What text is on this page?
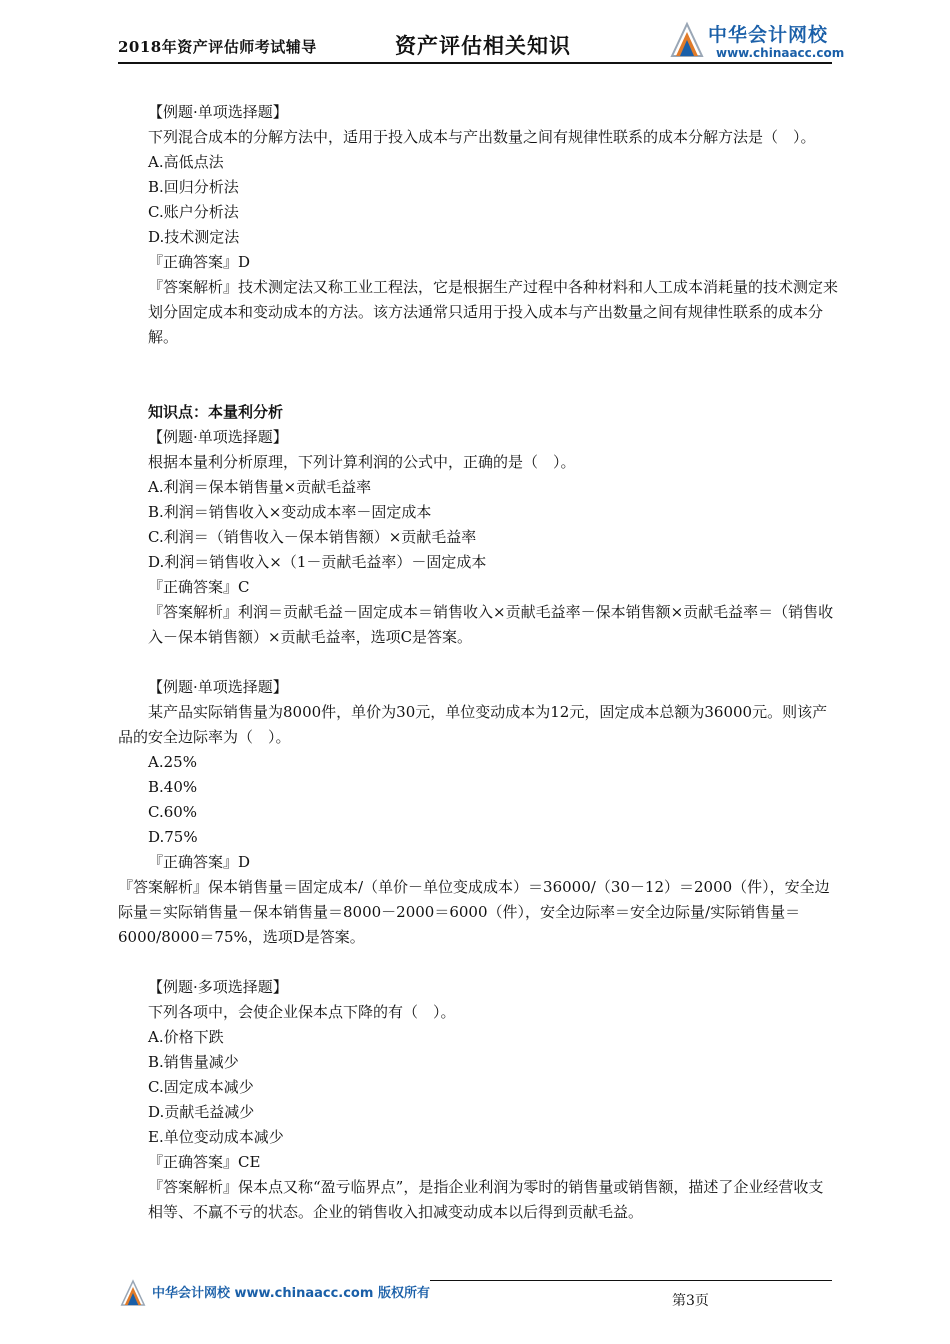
2018年资产评估师考试辅导	资产评估相关知识	中华会计网校
www.chinaacc.com

【例题·单项选择题】

下列混合成本的分解方法中，适用于投入成本与产出数量之间有规律性联系的成本分解方法是（　）。

A.高低点法

B.回归分析法

C.账户分析法

D.技术测定法

『正确答案』D

『答案解析』技术测定法又称工业工程法，它是根据生产过程中各种材料和人工成本消耗量的技术测定来划分固定成本和变动成本的方法。该方法通常只适用于投入成本与产出数量之间有规律性联系的成本分解。

知识点：本量利分析

【例题·单项选择题】

根据本量利分析原理，下列计算利润的公式中，正确的是（　）。

A.利润＝保本销售量×贡献毛益率

B.利润＝销售收入×变动成本率－固定成本

C.利润＝（销售收入－保本销售额）×贡献毛益率

D.利润＝销售收入×（1－贡献毛益率）－固定成本

『正确答案』C

『答案解析』利润＝贡献毛益－固定成本＝销售收入×贡献毛益率－保本销售额×贡献毛益率＝（销售收入－保本销售额）×贡献毛益率，选项C是答案。

【例题·单项选择题】

某产品实际销售量为8000件，单价为30元，单位变动成本为12元，固定成本总额为36000元。则该产品的安全边际率为（　）。

A.25%

B.40%

C.60%

D.75%

『正确答案』D

『答案解析』保本销售量＝固定成本/（单价－单位变成成本）＝36000/（30－12）＝2000（件），安全边际量＝实际销售量－保本销售量＝8000－2000＝6000（件），安全边际率＝安全边际量/实际销售量＝6000/8000＝75%，选项D是答案。

【例题·多项选择题】

下列各项中，会使企业保本点下降的有（　）。

A.价格下跌

B.销售量减少

C.固定成本减少

D.贡献毛益减少

E.单位变动成本减少

『正确答案』CE

『答案解析』保本点又称“盈亏临界点”，是指企业利润为零时的销售量或销售额，描述了企业经营收支相等、不赢不亏的状态。企业的销售收入扣减变动成本以后得到贡献毛益。

中华会计网校 www.chinaacc.com 版权所有	第3页
